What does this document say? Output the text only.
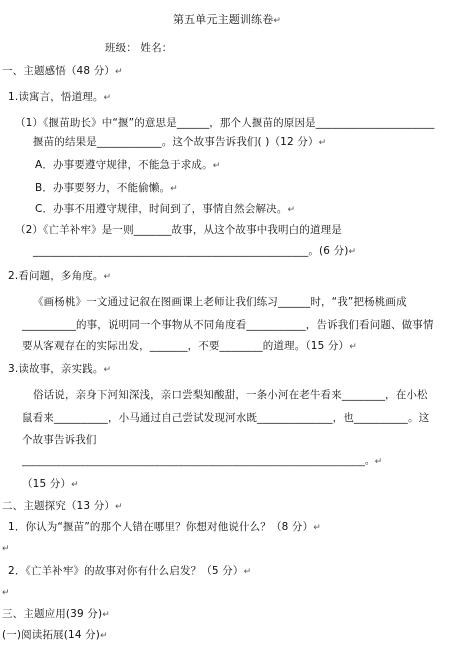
第五单元主题训练卷↵
班级： 姓名：
一、主题感悟（48 分）↵
1.读寓言，悟道理。↵
（1）《揠苗助长》中“揠”的意思是______，那个人揠苗的原因是______________________
揠苗的结果是____________。这个故事告诉我们( )（12 分）↵
A．办事要遵守规律，不能急于求成。↵
B．办事要努力，不能偷懒。↵
C．办事不用遵守规律，时间到了，事情自然会解决。↵
（2）《亡羊补牢》是一则_______故事，从这个故事中我明白的道理是
___________________________________________________。(6 分)↵
2.看问题，多角度。↵
《画杨桃》一文通过记叙在图画课上老师让我们练习______时，“我”把杨桃画成
__________的事，说明同一个事物从不同角度看___________，告诉我们看问题、做事情
要从客观存在的实际出发，_______，不要________的道理。（15 分）↵
3.读故事，亲实践。↵
俗话说，亲身下河知深浅，亲口尝梨知酸甜，一条小河在老牛看来________，在小松
鼠看来__________，小马通过自己尝试发现河水既______________，也__________。这
个故事告诉我们
______________________________________________________________________。↵
（15 分）↵
二、主题探究（13 分）↵
1．你认为“揠苗”的那个人错在哪里？你想对他说什么？（8 分）↵
↵
2．《亡羊补牢》的故事对你有什么启发？（5 分）↵
↵
三、主题应用(39 分)↵
(一)阅读拓展(14 分)↵
